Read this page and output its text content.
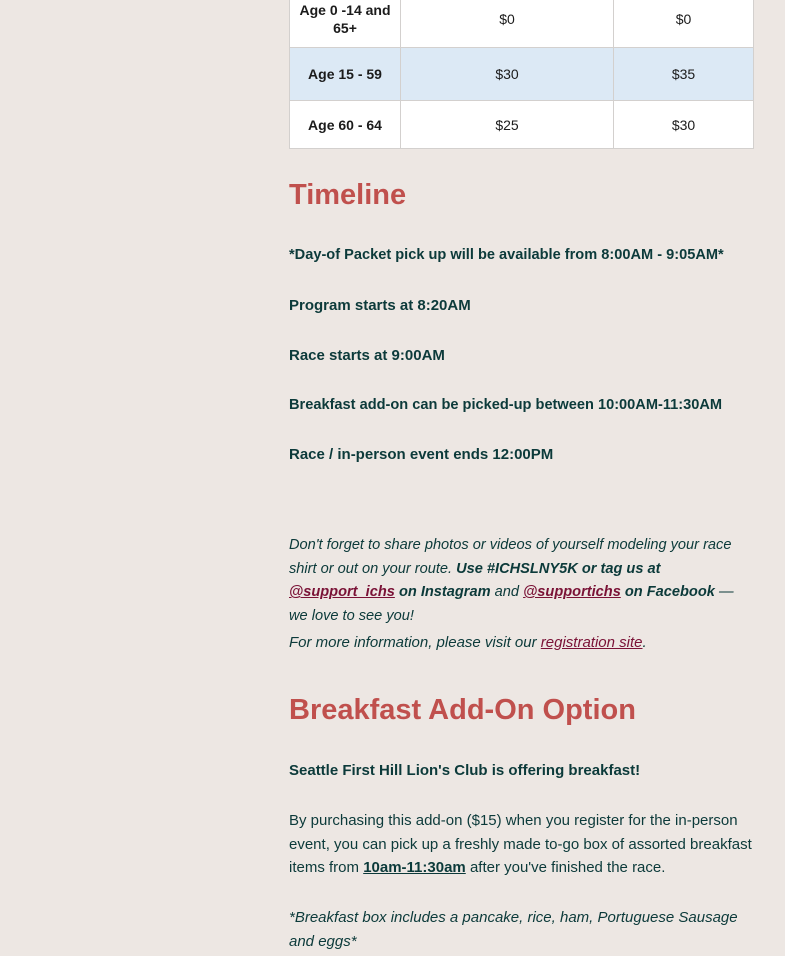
Age 0 -14 and 65+	$0	$0
Age 15 - 59	$30	$35
Age 60 - 64	$25	$30
Timeline

*Day-of Packet pick up will be available from 8:00AM - 9:05AM*

Program starts at 8:20AM

Race starts at 9:00AM

Breakfast add-on can be picked-up between 10:00AM-11:30AM

Race / in-person event ends 12:00PM

Don't forget to share photos or videos of yourself modeling your race shirt or out on your route. Use #ICHSLNY5K or tag us at @support_ichs on Instagram and @supportichs on Facebook — we love to see you!

For more information, please visit our registration site.

Breakfast Add-On Option

Seattle First Hill Lion's Club is offering breakfast!

By purchasing this add-on ($15) when you register for the in-person event, you can pick up a freshly made to-go box of assorted breakfast items from 10am-11:30am after you've finished the race.

*Breakfast box includes a pancake, rice, ham, Portuguese Sausage and eggs*
